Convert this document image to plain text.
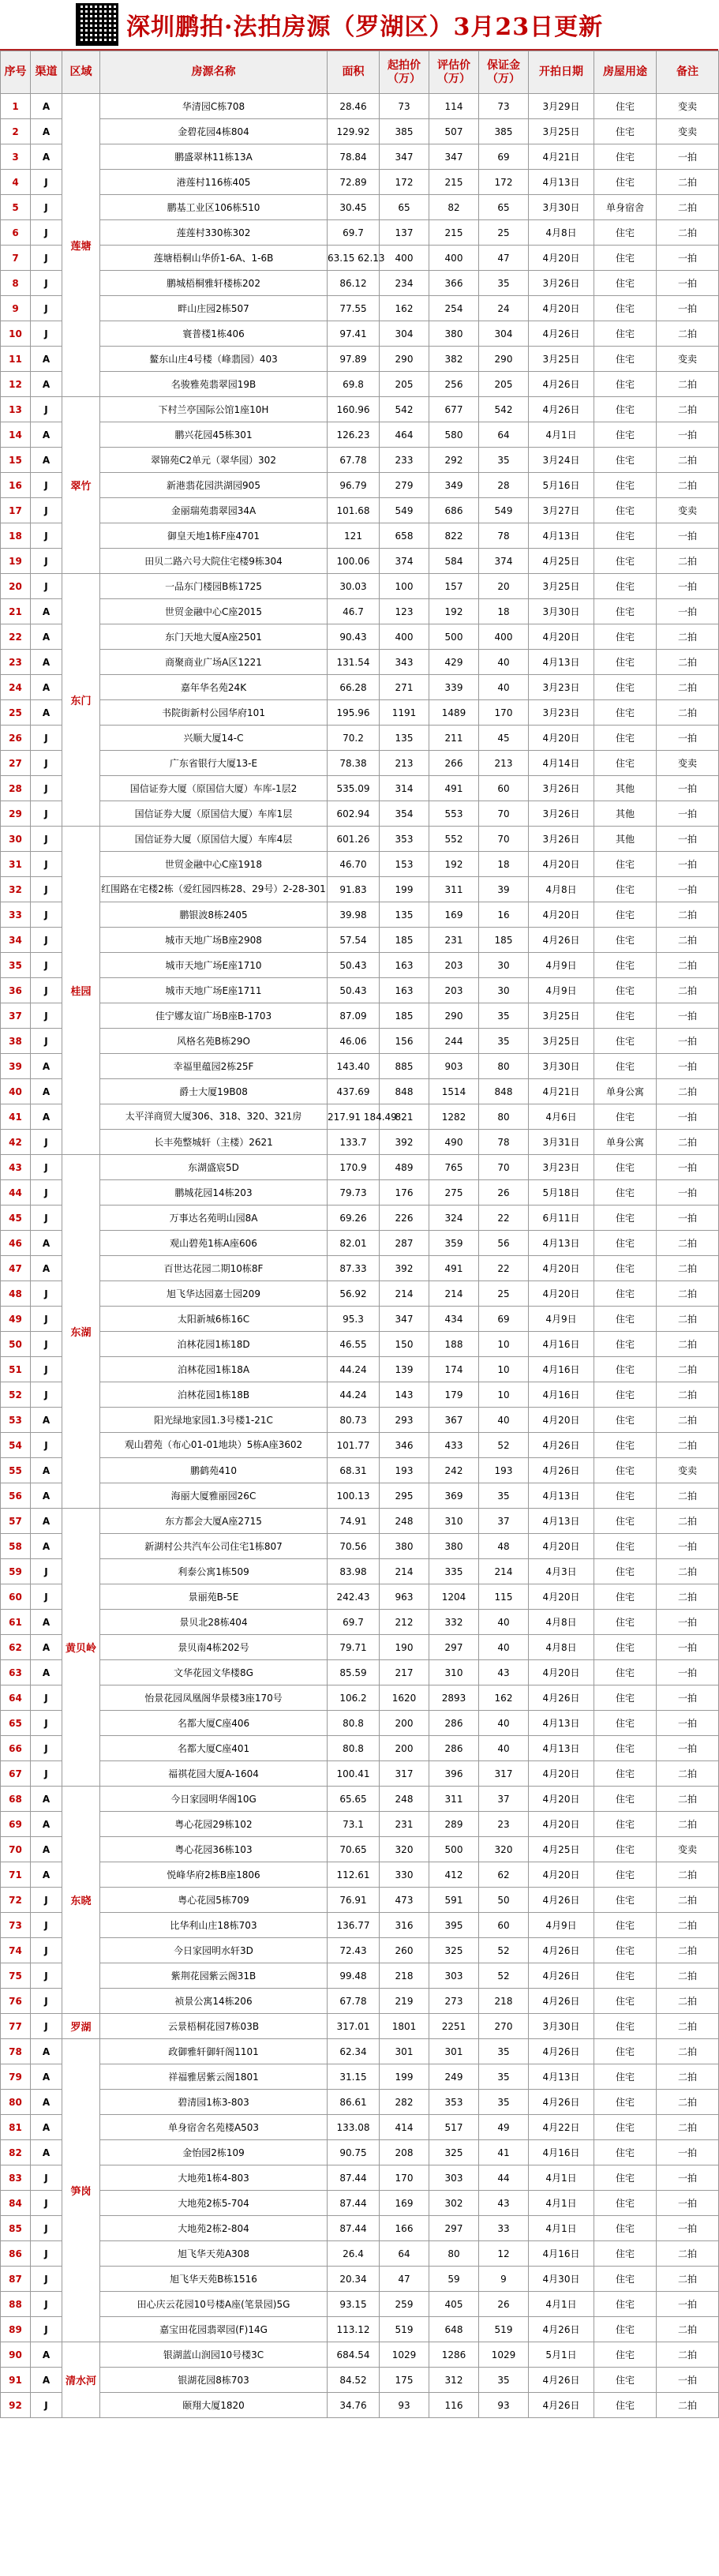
深圳鹏拍·法拍房源（罗湖区）3月23日更新
序号	渠道	区域	房源名称	面积	起拍价（万）	评估价（万）	保证金（万）	开拍日期	房屋用途	备注
1	A	莲塘	华清园C栋708	28.46	73	114	73	3月29日	住宅	变卖
2	A		金碧花园4栋804	129.92	385	507	385	3月25日	住宅	变卖
3	A		鹏盛翠林11栋13A	78.84	347	347	69	4月21日	住宅	一拍
4	J		港莲村116栋405	72.89	172	215	172	4月13日	住宅	二拍
5	J		鹏基工业区106栋510	30.45	65	82	65	3月30日	单身宿舍	二拍
6	J		莲莲村330栋302	69.7	137	215	25	4月8日	住宅	二拍
7	J		莲塘梧桐山华侨1-6A、1-6B	63.15 62.13	400	400	47	4月20日	住宅	一拍
8	J		鹏城梧桐雅轩楼栋202	86.12	234	366	35	3月26日	住宅	一拍
9	J		畔山庄园2栋507	77.55	162	254	24	4月20日	住宅	一拍
10	J		寰普楼1栋406	97.41	304	380	304	4月26日	住宅	二拍
11	A		鳌东山庄4号楼（峰翡园）403	97.89	290	382	290	3月25日	住宅	变卖
12	A		名骏雅苑翡翠园19B	69.8	205	256	205	4月26日	住宅	二拍
13	J	翠竹	下村兰亭国际公馆1座10H	160.96	542	677	542	4月26日	住宅	二拍
14	A		鹏兴花园45栋301	126.23	464	580	64	4月1日	住宅	一拍
15	A		翠锦苑C2单元（翠华园）302	67.78	233	292	35	3月24日	住宅	二拍
16	J		新港翡花园洪湖园905	96.79	279	349	28	5月16日	住宅	二拍
17	J		金丽瑞苑翡翠园34A	101.68	549	686	549	3月27日	住宅	变卖
18	J		御皇天地1栋F座4701	121	658	822	78	4月13日	住宅	一拍
19	J		田贝二路六号大院住宅楼9栋304	100.06	374	584	374	4月25日	住宅	二拍
20	J	东门	一品东门楼园B栋1725	30.03	100	157	20	3月25日	住宅	一拍
21	A		世贸金融中心C座2015	46.7	123	192	18	3月30日	住宅	一拍
22	A		东门天地大厦A座2501	90.43	400	500	400	4月20日	住宅	二拍
23	A		商聚商业广场A区1221	131.54	343	429	40	4月13日	住宅	二拍
24	A		嘉年华名苑24K	66.28	271	339	40	3月23日	住宅	二拍
25	A		书院街新村公园华府101	195.96	1191	1489	170	3月23日	住宅	二拍
26	J		兴顺大厦14-C	70.2	135	211	45	4月20日	住宅	一拍
27	J		广东省银行大厦13-E	78.38	213	266	213	4月14日	住宅	变卖
28	J		国信证券大厦（原国信大厦）车库-1层2	535.09	314	491	60	3月26日	其他	一拍
29	J		国信证券大厦（原国信大厦）车库1层	602.94	354	553	70	3月26日	其他	一拍
30	J	桂园	国信证券大厦（原国信大厦）车库4层	601.26	353	552	70	3月26日	其他	一拍
31	J		世贸金融中心C座1918	46.70	153	192	18	4月20日	住宅	一拍
32	J		红围路在宅楼2栋（爱红园四栋28、29号）2-28-301	91.83	199	311	39	4月8日	住宅	一拍
33	J		鹏银波8栋2405	39.98	135	169	16	4月20日	住宅	二拍
34	J		城市天地广场B座2908	57.54	185	231	185	4月26日	住宅	二拍
35	J		城市天地广场E座1710	50.43	163	203	30	4月9日	住宅	二拍
36	J		城市天地广场E座1711	50.43	163	203	30	4月9日	住宅	二拍
37	J		佳宁娜友谊广场B座B-1703	87.09	185	290	35	3月25日	住宅	一拍
38	J		风格名苑B栋29O	46.06	156	244	35	3月25日	住宅	一拍
39	A		幸福里蕴园2栋25F	143.40	885	903	80	3月30日	住宅	一拍
40	A		爵士大厦19B08	437.69	848	1514	848	4月21日	单身公寓	二拍
41	A		太平洋商贸大厦306、318、320、321房	217.91 184.49	821	1282	80	4月6日	住宅	一拍
42	J		长丰苑整城轩（主楼）2621	133.7	392	490	78	3月31日	单身公寓	二拍
43	J	东湖	东湖盛宸5D	170.9	489	765	70	3月23日	住宅	一拍
44	J		鹏城花园14栋203	79.73	176	275	26	5月18日	住宅	一拍
45	J		万事达名苑明山园8A	69.26	226	324	22	6月11日	住宅	一拍
46	A		观山碧苑1栋A座606	82.01	287	359	56	4月13日	住宅	二拍
47	A		百世达花园二期10栋8F	87.33	392	491	22	4月20日	住宅	二拍
48	J		旭飞华达园嘉士园209	56.92	214	214	25	4月20日	住宅	二拍
49	J		太阳新城6栋16C	95.3	347	434	69	4月9日	住宅	二拍
50	J		泊林花园1栋18D	46.55	150	188	10	4月16日	住宅	二拍
51	J		泊林花园1栋18A	44.24	139	174	10	4月16日	住宅	二拍
52	J		泊林花园1栋18B	44.24	143	179	10	4月16日	住宅	二拍
53	A		阳光绿地家园1.3号楼1-21C	80.73	293	367	40	4月20日	住宅	二拍
54	J		观山碧苑（布心01-01地块）5栋A座3602	101.77	346	433	52	4月26日	住宅	二拍
55	A		鹏鹤苑410	68.31	193	242	193	4月26日	住宅	变卖
56	A		海丽大厦雅丽园26C	100.13	295	369	35	4月13日	住宅	二拍
57	A	黄贝岭	东方都会大厦A座2715	74.91	248	310	37	4月13日	住宅	二拍
58	A		新湖村公共汽车公司住宅1栋807	70.56	380	380	48	4月20日	住宅	一拍
59	J		利泰公寓1栋509	83.98	214	335	214	4月3日	住宅	二拍
60	J		景丽苑B-5E	242.43	963	1204	115	4月20日	住宅	二拍
61	A		景贝北28栋404	69.7	212	332	40	4月8日	住宅	一拍
62	A		景贝南4栋202号	79.71	190	297	40	4月8日	住宅	一拍
63	A		文华花园文华楼8G	85.59	217	310	43	4月20日	住宅	一拍
64	J		怡景花园凤凰阁华景楼3座170号	106.2	1620	2893	162	4月26日	住宅	一拍
65	J		名都大厦C座406	80.8	200	286	40	4月13日	住宅	一拍
66	J		名都大厦C座401	80.8	200	286	40	4月13日	住宅	一拍
67	J		福祺花园大厦A-1604	100.41	317	396	317	4月20日	住宅	二拍
68	A	东晓	今日家园明华阁10G	65.65	248	311	37	4月20日	住宅	二拍
69	A		粤心花园29栋102	73.1	231	289	23	4月20日	住宅	二拍
70	A		粤心花园36栋103	70.65	320	500	320	4月25日	住宅	变卖
71	A		悦峰华府2栋B座1806	112.61	330	412	62	4月20日	住宅	二拍
72	J		粤心花园5栋709	76.91	473	591	50	4月26日	住宅	二拍
73	J		比华利山庄18栋703	136.77	316	395	60	4月9日	住宅	二拍
74	J		今日家园明水轩3D	72.43	260	325	52	4月26日	住宅	二拍
75	J		紫荆花园紫云阁31B	99.48	218	303	52	4月26日	住宅	二拍
76	J		祯景公寓14栋206	67.78	219	273	218	4月26日	住宅	二拍
77	J	罗湖	云景梧桐花园7栋03B	317.01	1801	2251	270	3月30日	住宅	二拍
78	A	笋岗	政御雅轩御轩阁1101	62.34	301	301	35	4月26日	住宅	二拍
79	A		祥福雅居紫云阁1801	31.15	199	249	35	4月13日	住宅	二拍
80	A		碧清园1栋3-803	86.61	282	353	35	4月26日	住宅	二拍
81	A		单身宿舍名苑楼A503	133.08	414	517	49	4月22日	住宅	二拍
82	A		金怡园2栋109	90.75	208	325	41	4月16日	住宅	一拍
83	J		大地苑1栋4-803	87.44	170	303	44	4月1日	住宅	一拍
84	J		大地苑2栋5-704	87.44	169	302	43	4月1日	住宅	一拍
85	J		大地苑2栋2-804	87.44	166	297	33	4月1日	住宅	一拍
86	J		旭飞华天苑A308	26.4	64	80	12	4月16日	住宅	二拍
87	J		旭飞华天苑B栋1516	20.34	47	59	9	4月30日	住宅	二拍
88	J		田心庆云花园10号楼A座(笔景园)5G	93.15	259	405	26	4月1日	住宅	一拍
89	J		嘉宝田花园翡翠园(F)14G	113.12	519	648	519	4月26日	住宅	二拍
90	A	清水河	银湖蓝山润园10号楼3C	684.54	1029	1286	1029	5月1日	住宅	二拍
91	A		银湖花园8栋703	84.52	175	312	35	4月26日	住宅	一拍
92	J		颐翔大厦1820	34.76	93	116	93	4月26日	住宅	二拍
